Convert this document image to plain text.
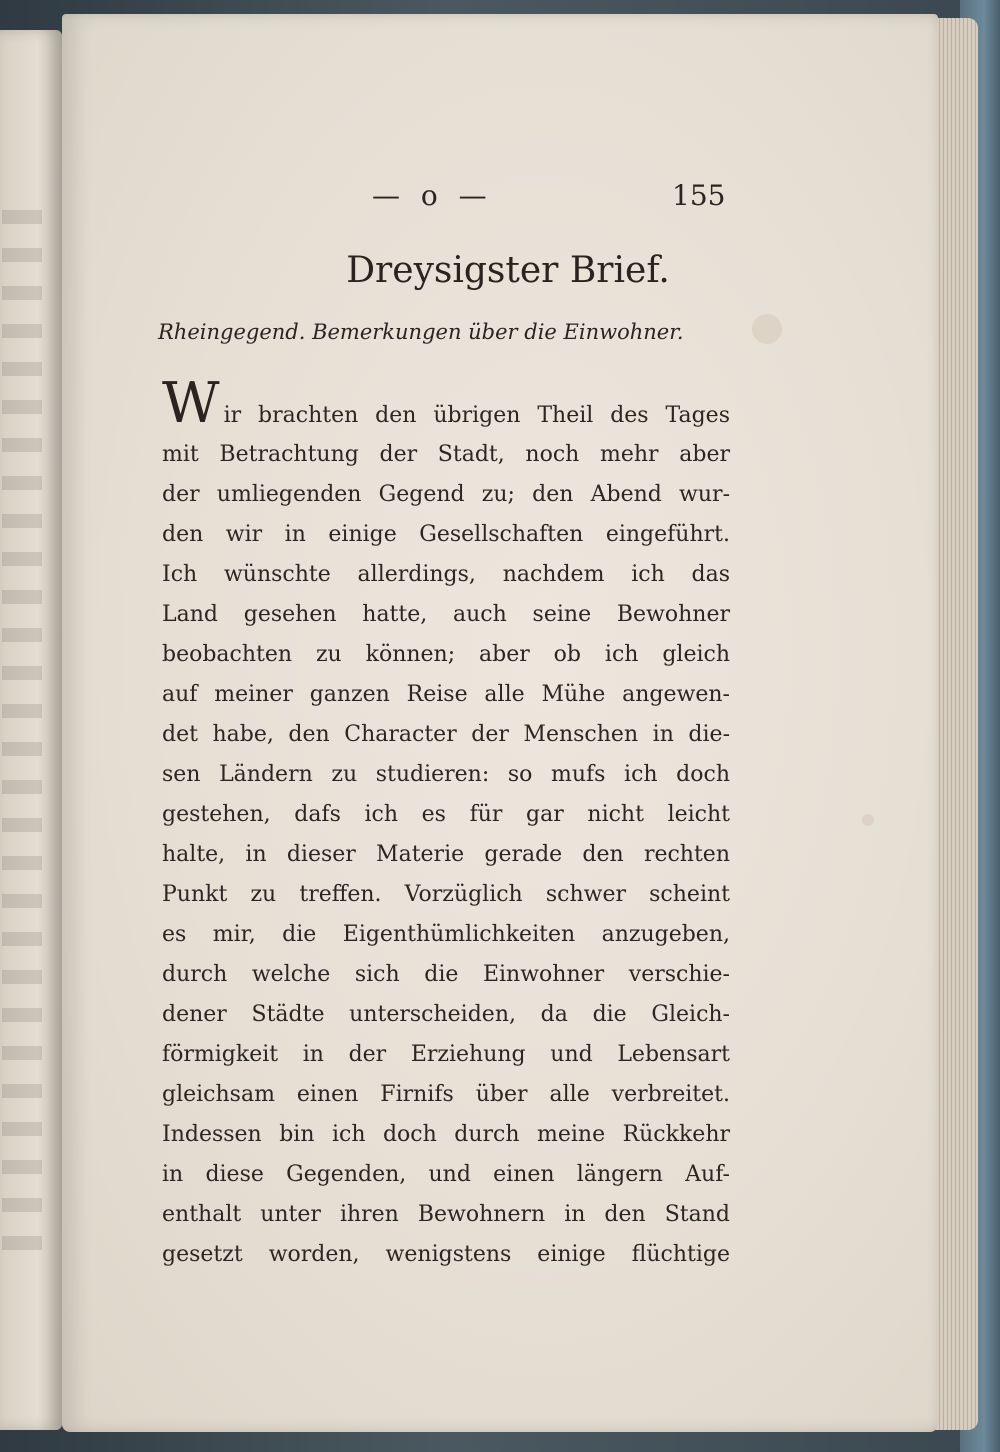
— o —	155
Dreysigster Brief.
Rheingegend. Bemerkungen über die Einwohner.
W ir brachten den übrigen Theil des Tages
mit Betrachtung der Stadt, noch mehr aber
der umliegenden Gegend zu; den Abend wur-
den wir in einige Gesellschaften eingeführt.
Ich wünschte allerdings, nachdem ich das
Land gesehen hatte, auch seine Bewohner
beobachten zu können; aber ob ich gleich
auf meiner ganzen Reise alle Mühe angewen-
det habe, den Character der Menschen in die-
sen Ländern zu studieren: so mufs ich doch
gestehen, dafs ich es für gar nicht leicht
halte, in dieser Materie gerade den rechten
Punkt zu treffen. Vorzüglich schwer scheint
es mir, die Eigenthümlichkeiten anzugeben,
durch welche sich die Einwohner verschie-
dener Städte unterscheiden, da die Gleich-
förmigkeit in der Erziehung und Lebensart
gleichsam einen Firnifs über alle verbreitet.
Indessen bin ich doch durch meine Rückkehr
in diese Gegenden, und einen längern Auf-
enthalt unter ihren Bewohnern in den Stand
gesetzt worden, wenigstens einige flüchtige
